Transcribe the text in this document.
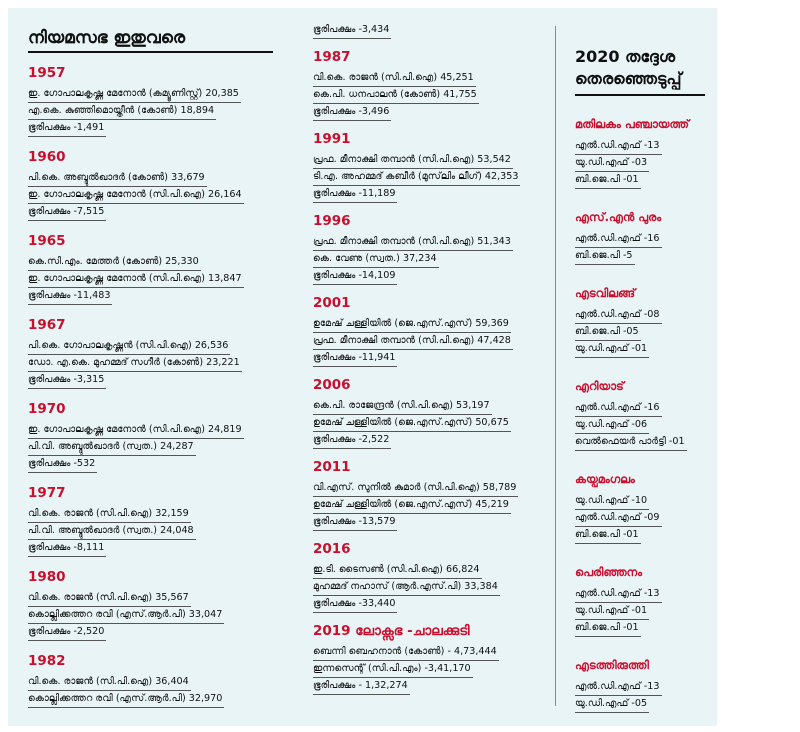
നിയമസഭ ഇതുവരെ
1957
ഇ. ഗോപാലകൃഷ്ണ മേനോൻ (കമ്യൂണിസ്റ്റ്) 20,385
എ.കെ. കുഞ്ഞിമൊയ്തീൻ (കോൺ) 18,894
ഭൂരിപക്ഷം -1,491
1960
പി.കെ. അബ്ദുൽഖാദർ (കോൺ) 33,679
ഇ. ഗോപാലകൃഷ്ണ മേനോൻ (സി.പി.ഐ) 26,164
ഭൂരിപക്ഷം -7,515
1965
കെ.സി.എം. മേത്തർ (കോൺ) 25,330
ഇ. ഗോപാലകൃഷ്ണ മേനോൻ (സി.പി.ഐ) 13,847
ഭൂരിപക്ഷം -11,483
1967
പി.കെ. ഗോപാലകൃഷ്ണൻ (സി.പി.ഐ) 26,536
ഡോ. എ.കെ. മുഹമ്മദ് സഗീർ (കോൺ) 23,221
ഭൂരിപക്ഷം -3,315
1970
ഇ. ഗോപാലകൃഷ്ണ മേനോൻ (സി.പി.ഐ) 24,819
പി.വി. അബ്ദുൽഖാദർ (സ്വത.) 24,287
ഭൂരിപക്ഷം -532
1977
വി.കെ. രാജൻ (സി.പി.ഐ) 32,159
പി.വി. അബ്ദുൽഖാദർ (സ്വത.) 24,048
ഭൂരിപക്ഷം -8,111
1980
വി.കെ. രാജൻ (സി.പി.ഐ) 35,567
കൊല്ലിക്കത്തറ രവി (എസ്.ആർ.പി) 33,047
ഭൂരിപക്ഷം -2,520
1982
വി.കെ. രാജൻ (സി.പി.ഐ) 36,404
കൊല്ലിക്കത്തറ രവി (എസ്.ആർ.പി) 32,970
ഭൂരിപക്ഷം -3,434
1987
വി.കെ. രാജൻ (സി.പി.ഐ) 45,251
കെ.പി. ധനപാലൻ (കോൺ) 41,755
ഭൂരിപക്ഷം -3,496
1991
പ്രഫ. മീനാക്ഷി തമ്പാൻ (സി.പി.ഐ) 53,542
ടി.എ. അഹമ്മദ് കബീർ (മുസ്‌ലിം ലീഗ്) 42,353
ഭൂരിപക്ഷം -11,189
1996
പ്രഫ. മീനാക്ഷി തമ്പാൻ (സി.പി.ഐ) 51,343
കെ. വേണു (സ്വത.) 37,234
ഭൂരിപക്ഷം -14,109
2001
ഉമേഷ് ചള്ളിയിൽ (ജെ.എസ്.എസ്) 59,369
പ്രഫ. മീനാക്ഷി തമ്പാൻ (സി.പി.ഐ) 47,428
ഭൂരിപക്ഷം -11,941
2006
കെ.പി. രാജേന്ദ്രൻ (സി.പി.ഐ) 53,197
ഉമേഷ് ചള്ളിയിൽ (ജെ.എസ്.എസ്) 50,675
ഭൂരിപക്ഷം -2,522
2011
വി.എസ്. സുനിൽ കുമാർ (സി.പി.ഐ) 58,789
ഉമേഷ് ചള്ളിയിൽ (ജെ.എസ്.എസ്) 45,219
ഭൂരിപക്ഷം -13,579
2016
ഇ.ടി. ടൈസൺ (സി.പി.ഐ) 66,824
മുഹമ്മദ് നഹാസ് (ആർ.എസ്.പി) 33,384
ഭൂരിപക്ഷം -33,440
2019 ലോക്സഭ -ചാലക്കുടി
ബെന്നി ബെഹനാൻ (കോൺ) - 4,73,444
ഇന്നസെന്റ് (സി.പി.എം) -3,41,170
ഭൂരിപക്ഷം - 1,32,274
2020 തദ്ദേശ
തെരഞ്ഞെടുപ്പ്
മതിലകം പഞ്ചായത്ത്
എൽ.ഡി.എഫ് -13
യു.ഡി.എഫ് -03
ബി.ജെ.പി -01
എസ്.എൻ പുരം
എൽ.ഡി.എഫ് -16
ബി.ജെ.പി -5
എടവിലങ്ങ്
എൽ.ഡി.എഫ് -08
ബി.ജെ.പി -05
യു.ഡി.എഫ് -01
എറിയാട്
എൽ.ഡി.എഫ് -16
യു.ഡി.എഫ് -06
വെൽഫെയർ പാർട്ടി -01
കയ്പമംഗലം
യു.ഡി.എഫ് -10
എൽ.ഡി.എഫ് -09
ബി.ജെ.പി -01
പെരിഞ്ഞനം
എൽ.ഡി.എഫ് -13
യു.ഡി.എഫ് -01
ബി.ജെ.പി -01
എടത്തിരുത്തി
എൽ.ഡി.എഫ് -13
യു.ഡി.എഫ് -05
